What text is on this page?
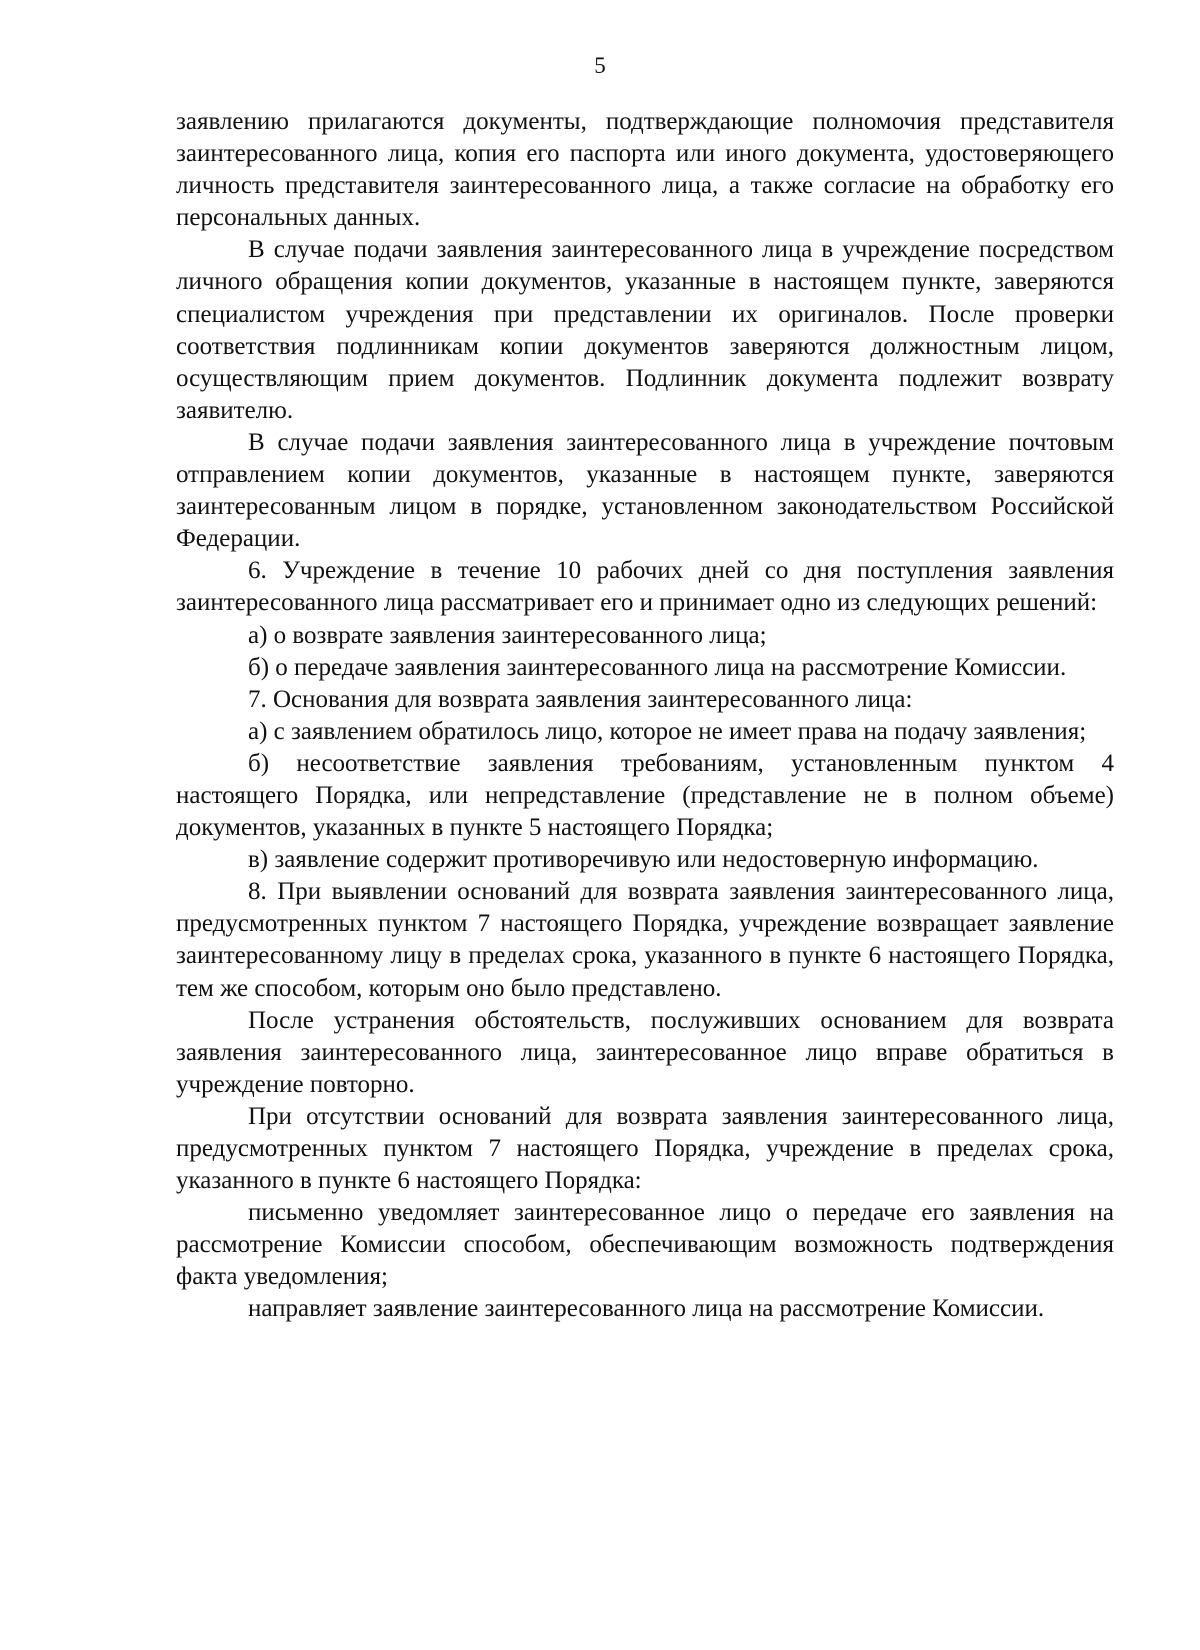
5

заявлению прилагаются документы, подтверждающие полномочия представителя заинтересованного лица, копия его паспорта или иного документа, удостоверяющего личность представителя заинтересованного лица, а также согласие на обработку его персональных данных.

В случае подачи заявления заинтересованного лица в учреждение посредством личного обращения копии документов, указанные в настоящем пункте, заверяются специалистом учреждения при представлении их оригиналов. После проверки соответствия подлинникам копии документов заверяются должностным лицом, осуществляющим прием документов. Подлинник документа подлежит возврату заявителю.

В случае подачи заявления заинтересованного лица в учреждение почтовым отправлением копии документов, указанные в настоящем пункте, заверяются заинтересованным лицом в порядке, установленном законодательством Российской Федерации.

6. Учреждение в течение 10 рабочих дней со дня поступления заявления заинтересованного лица рассматривает его и принимает одно из следующих решений:

а) о возврате заявления заинтересованного лица;

б) о передаче заявления заинтересованного лица на рассмотрение Комиссии.

7. Основания для возврата заявления заинтересованного лица:

а) с заявлением обратилось лицо, которое не имеет права на подачу заявления;

б) несоответствие заявления требованиям, установленным пунктом 4 настоящего Порядка, или непредставление (представление не в полном объеме) документов, указанных в пункте 5 настоящего Порядка;

в) заявление содержит противоречивую или недостоверную информацию.

8. При выявлении оснований для возврата заявления заинтересованного лица, предусмотренных пунктом 7 настоящего Порядка, учреждение возвращает заявление заинтересованному лицу в пределах срока, указанного в пункте 6 настоящего Порядка, тем же способом, которым оно было представлено.

После устранения обстоятельств, послуживших основанием для возврата заявления заинтересованного лица, заинтересованное лицо вправе обратиться в учреждение повторно.

При отсутствии оснований для возврата заявления заинтересованного лица, предусмотренных пунктом 7 настоящего Порядка, учреждение в пределах срока, указанного в пункте 6 настоящего Порядка:

письменно уведомляет заинтересованное лицо о передаче его заявления на рассмотрение Комиссии способом, обеспечивающим возможность подтверждения факта уведомления;

направляет заявление заинтересованного лица на рассмотрение Комиссии.
